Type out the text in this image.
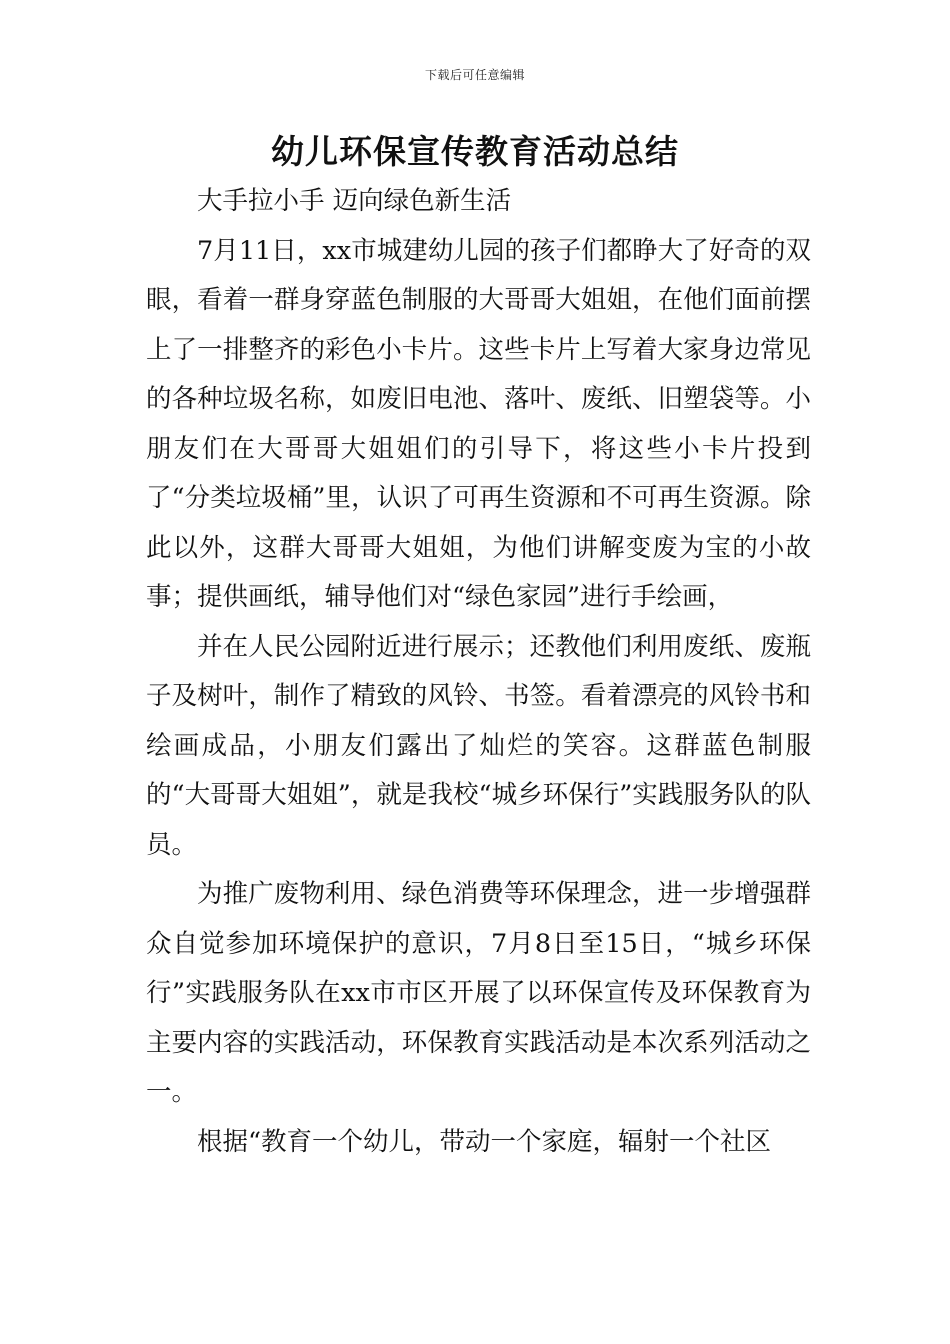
下载后可任意编辑
幼儿环保宣传教育活动总结

大手拉小手 迈向绿色新生活

7月11日，xx市城建幼儿园的孩子们都睁大了好奇的双眼，看着一群身穿蓝色制服的大哥哥大姐姐，在他们面前摆上了一排整齐的彩色小卡片。这些卡片上写着大家身边常见的各种垃圾名称，如废旧电池、落叶、废纸、旧塑袋等。小朋友们在大哥哥大姐姐们的引导下，将这些小卡片投到了“分类垃圾桶”里，认识了可再生资源和不可再生资源。除此以外，这群大哥哥大姐姐，为他们讲解变废为宝的小故事；提供画纸，辅导他们对“绿色家园”进行手绘画，

并在人民公园附近进行展示；还教他们利用废纸、废瓶子及树叶，制作了精致的风铃、书签。看着漂亮的风铃书和绘画成品，小朋友们露出了灿烂的笑容。这群蓝色制服的“大哥哥大姐姐”，就是我校“城乡环保行”实践服务队的队员。

为推广废物利用、绿色消费等环保理念，进一步增强群众自觉参加环境保护的意识，7月8日至15日，“城乡环保行”实践服务队在xx市市区开展了以环保宣传及环保教育为主要内容的实践活动，环保教育实践活动是本次系列活动之一。

根据“教育一个幼儿，带动一个家庭，辐射一个社区
